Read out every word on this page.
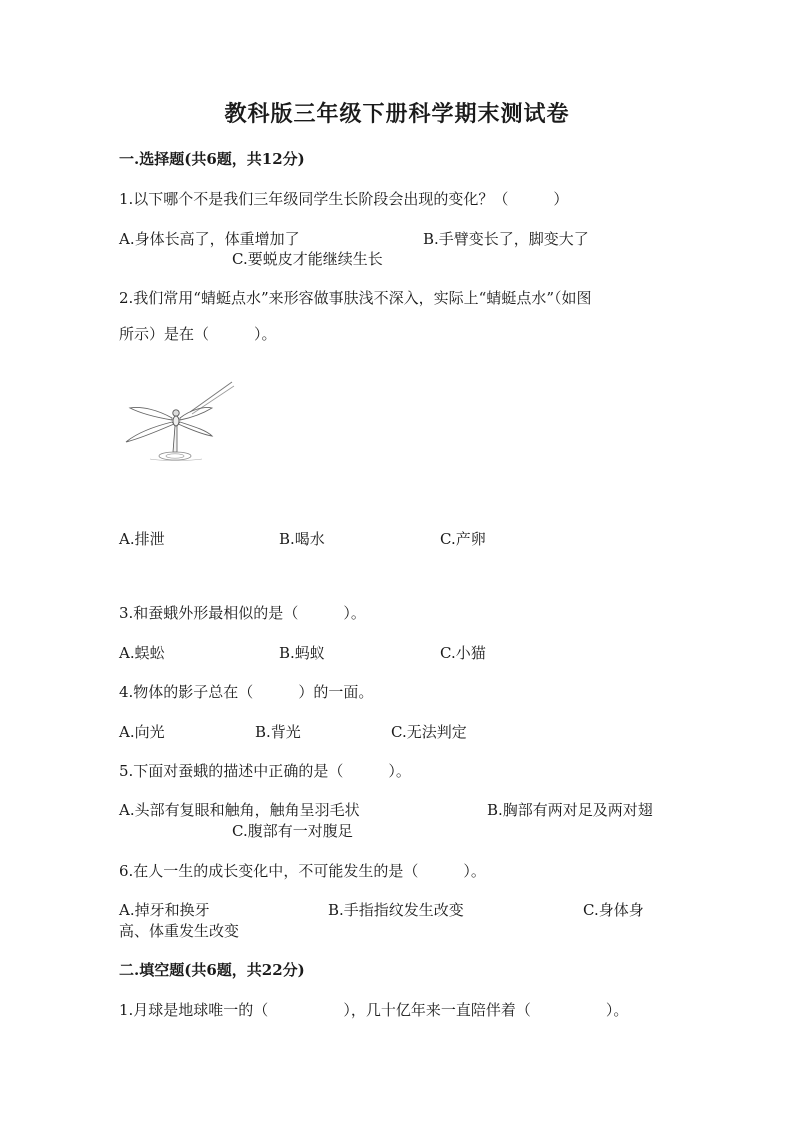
教科版三年级下册科学期末测试卷
一.选择题(共6题，共12分)
1.以下哪个不是我们三年级同学生长阶段会出现的变化？（　　　）
A.身体长高了，体重增加了	B.手臂变长了，脚变大了
C.要蜕皮才能继续生长
2.我们常用“蜻蜓点水”来形容做事肤浅不深入，实际上“蜻蜓点水”（如图
所示）是在（　　　）。
A.排泄	B.喝水	C.产卵
3.和蚕蛾外形最相似的是（　　　）。
A.蜈蚣	B.蚂蚁	C.小猫
4.物体的影子总在（　　　）的一面。
A.向光	B.背光	C.无法判定
5.下面对蚕蛾的描述中正确的是（　　　）。
A.头部有复眼和触角，触角呈羽毛状	B.胸部有两对足及两对翅
C.腹部有一对腹足
6.在人一生的成长变化中，不可能发生的是（　　　）。
A.掉牙和换牙	B.手指指纹发生改变	C.身体身
高、体重发生改变
二.填空题(共6题，共22分)
1.月球是地球唯一的（　　　　　），几十亿年来一直陪伴着（　　　　　）。
